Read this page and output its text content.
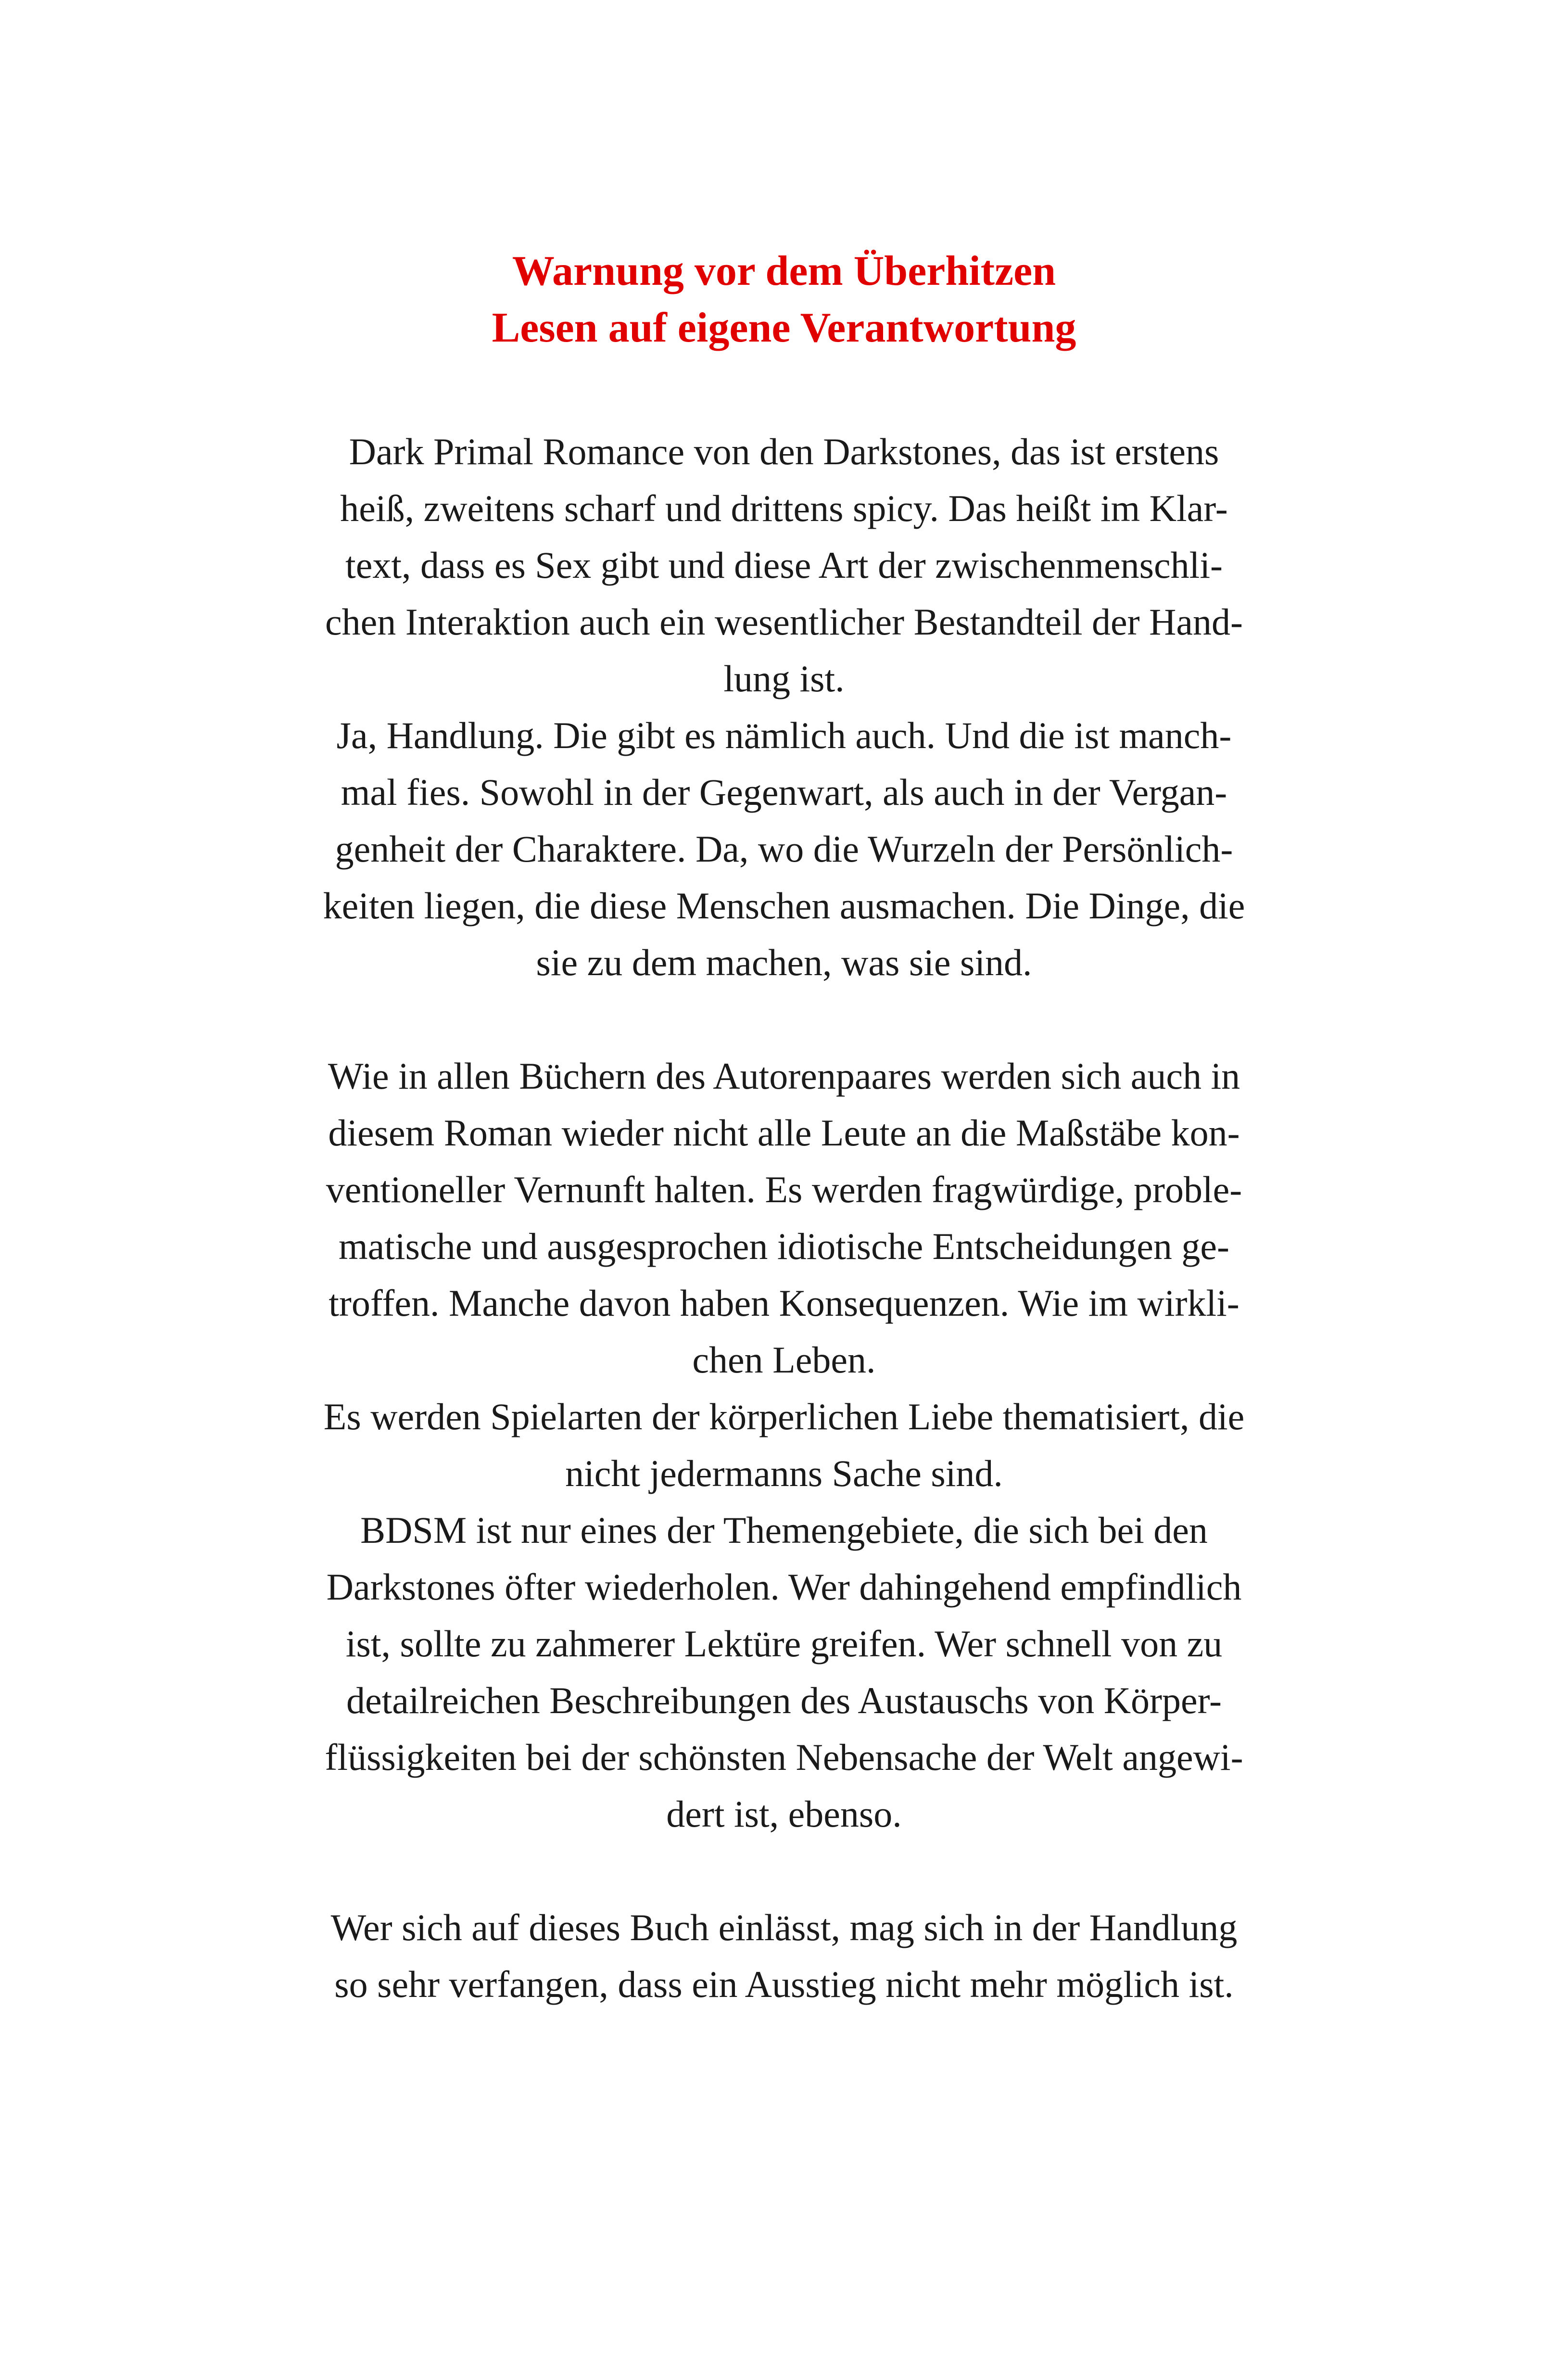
Warnung vor dem Überhitzen
Lesen auf eigene Verantwortung
Dark Primal Romance von den Darkstones, das ist erstens
heiß, zweitens scharf und drittens spicy. Das heißt im Klar-
text, dass es Sex gibt und diese Art der zwischenmenschli-
chen Interaktion auch ein wesentlicher Bestandteil der Hand-
lung ist.
Ja, Handlung. Die gibt es nämlich auch. Und die ist manch-
mal fies. Sowohl in der Gegenwart, als auch in der Vergan-
genheit der Charaktere. Da, wo die Wurzeln der Persönlich-
keiten liegen, die diese Menschen ausmachen. Die Dinge, die
sie zu dem machen, was sie sind.
Wie in allen Büchern des Autorenpaares werden sich auch in
diesem Roman wieder nicht alle Leute an die Maßstäbe kon-
ventioneller Vernunft halten. Es werden fragwürdige, proble-
matische und ausgesprochen idiotische Entscheidungen ge-
troffen. Manche davon haben Konsequenzen. Wie im wirkli-
chen Leben.
Es werden Spielarten der körperlichen Liebe thematisiert, die
nicht jedermanns Sache sind.
BDSM ist nur eines der Themengebiete, die sich bei den
Darkstones öfter wiederholen. Wer dahingehend empfindlich
ist, sollte zu zahmerer Lektüre greifen. Wer schnell von zu
detailreichen Beschreibungen des Austauschs von Körper-
flüssigkeiten bei der schönsten Nebensache der Welt angewi-
dert ist, ebenso.
Wer sich auf dieses Buch einlässt, mag sich in der Handlung
so sehr verfangen, dass ein Ausstieg nicht mehr möglich ist.
